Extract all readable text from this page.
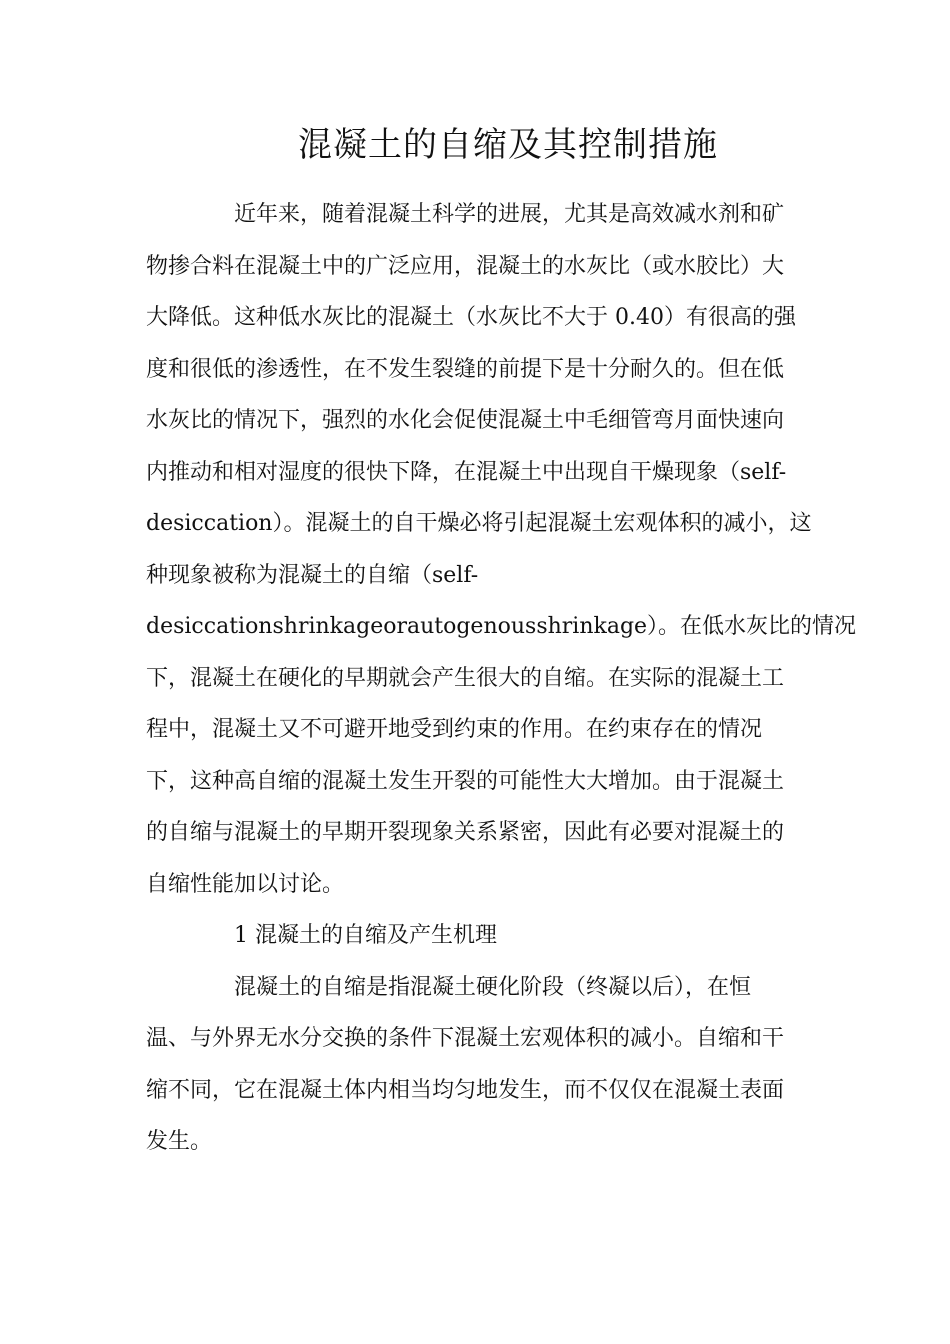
混凝土的自缩及其控制措施
近年来，随着混凝土科学的进展，尤其是高效减水剂和矿
物掺合料在混凝土中的广泛应用，混凝土的水灰比（或水胶比）大
大降低。这种低水灰比的混凝土（水灰比不大于 0.40）有很高的强
度和很低的渗透性，在不发生裂缝的前提下是十分耐久的。但在低
水灰比的情况下，强烈的水化会促使混凝土中毛细管弯月面快速向
内推动和相对湿度的很快下降，在混凝土中出现自干燥现象（self-
desiccation）。混凝土的自干燥必将引起混凝土宏观体积的减小，这
种现象被称为混凝土的自缩（self-
desiccationshrinkageorautogenousshrinkage）。在低水灰比的情况
下，混凝土在硬化的早期就会产生很大的自缩。在实际的混凝土工
程中，混凝土又不可避开地受到约束的作用。在约束存在的情况
下，这种高自缩的混凝土发生开裂的可能性大大增加。由于混凝土
的自缩与混凝土的早期开裂现象关系紧密，因此有必要对混凝土的
自缩性能加以讨论。
1 混凝土的自缩及产生机理
混凝土的自缩是指混凝土硬化阶段（终凝以后），在恒
温、与外界无水分交换的条件下混凝土宏观体积的减小。自缩和干
缩不同，它在混凝土体内相当均匀地发生，而不仅仅在混凝土表面
发生。
